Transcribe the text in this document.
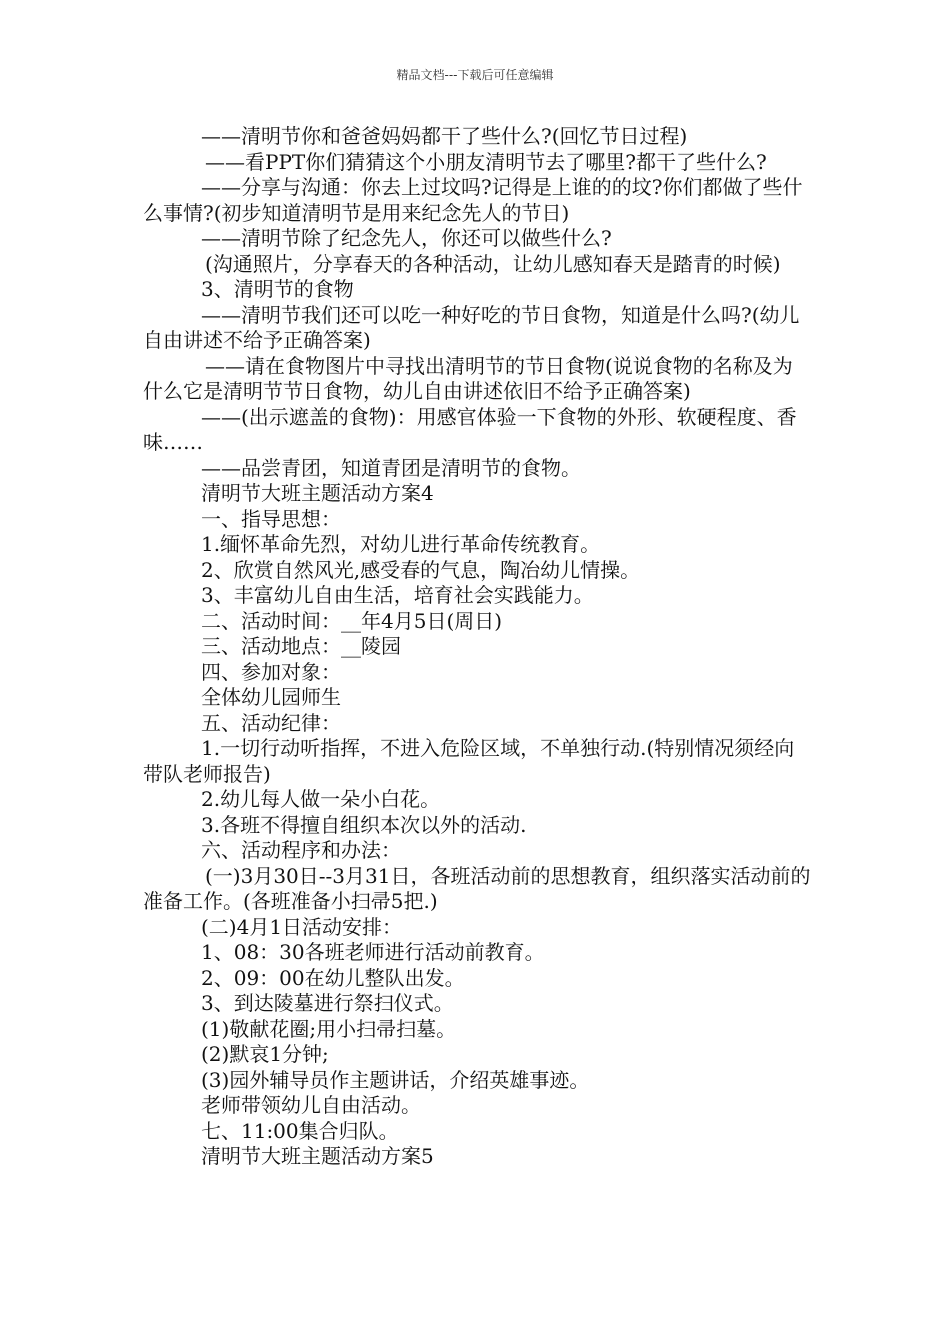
精品文档---下载后可任意编辑

——清明节你和爸爸妈妈都干了些什么?(回忆节日过程)

——看PPT你们猜猜这个小朋友清明节去了哪里?都干了些什么?

——分享与沟通：你去上过坟吗?记得是上谁的的坟?你们都做了些什么事情?(初步知道清明节是用来纪念先人的节日)

——清明节除了纪念先人，你还可以做些什么?

(沟通照片，分享春天的各种活动，让幼儿感知春天是踏青的时候)

3、清明节的食物

——清明节我们还可以吃一种好吃的节日食物，知道是什么吗?(幼儿自由讲述不给予正确答案)

——请在食物图片中寻找出清明节的节日食物(说说食物的名称及为什么它是清明节节日食物，幼儿自由讲述依旧不给予正确答案)

——(出示遮盖的食物)：用感官体验一下食物的外形、软硬程度、香味……

——品尝青团，知道青团是清明节的食物。

清明节大班主题活动方案4

一、指导思想：

1.缅怀革命先烈，对幼儿进行革命传统教育。

2、欣赏自然风光,感受春的气息，陶冶幼儿情操。

3、丰富幼儿自由生活，培育社会实践能力。

二、活动时间：__年4月5日(周日)

三、活动地点：__陵园

四、参加对象：

全体幼儿园师生

五、活动纪律：

1.一切行动听指挥，不进入危险区域，不单独行动.(特别情况须经向带队老师报告)

2.幼儿每人做一朵小白花。

3.各班不得擅自组织本次以外的活动.

六、活动程序和办法：

(一)3月30日--3月31日，各班活动前的思想教育，组织落实活动前的准备工作。(各班准备小扫帚5把.)

(二)4月1日活动安排：

1、08：30各班老师进行活动前教育。

2、09：00在幼儿整队出发。

3、到达陵墓进行祭扫仪式。

(1)敬献花圈;用小扫帚扫墓。

(2)默哀1分钟;

(3)园外辅导员作主题讲话，介绍英雄事迹。

老师带领幼儿自由活动。

七、11:00集合归队。

清明节大班主题活动方案5
